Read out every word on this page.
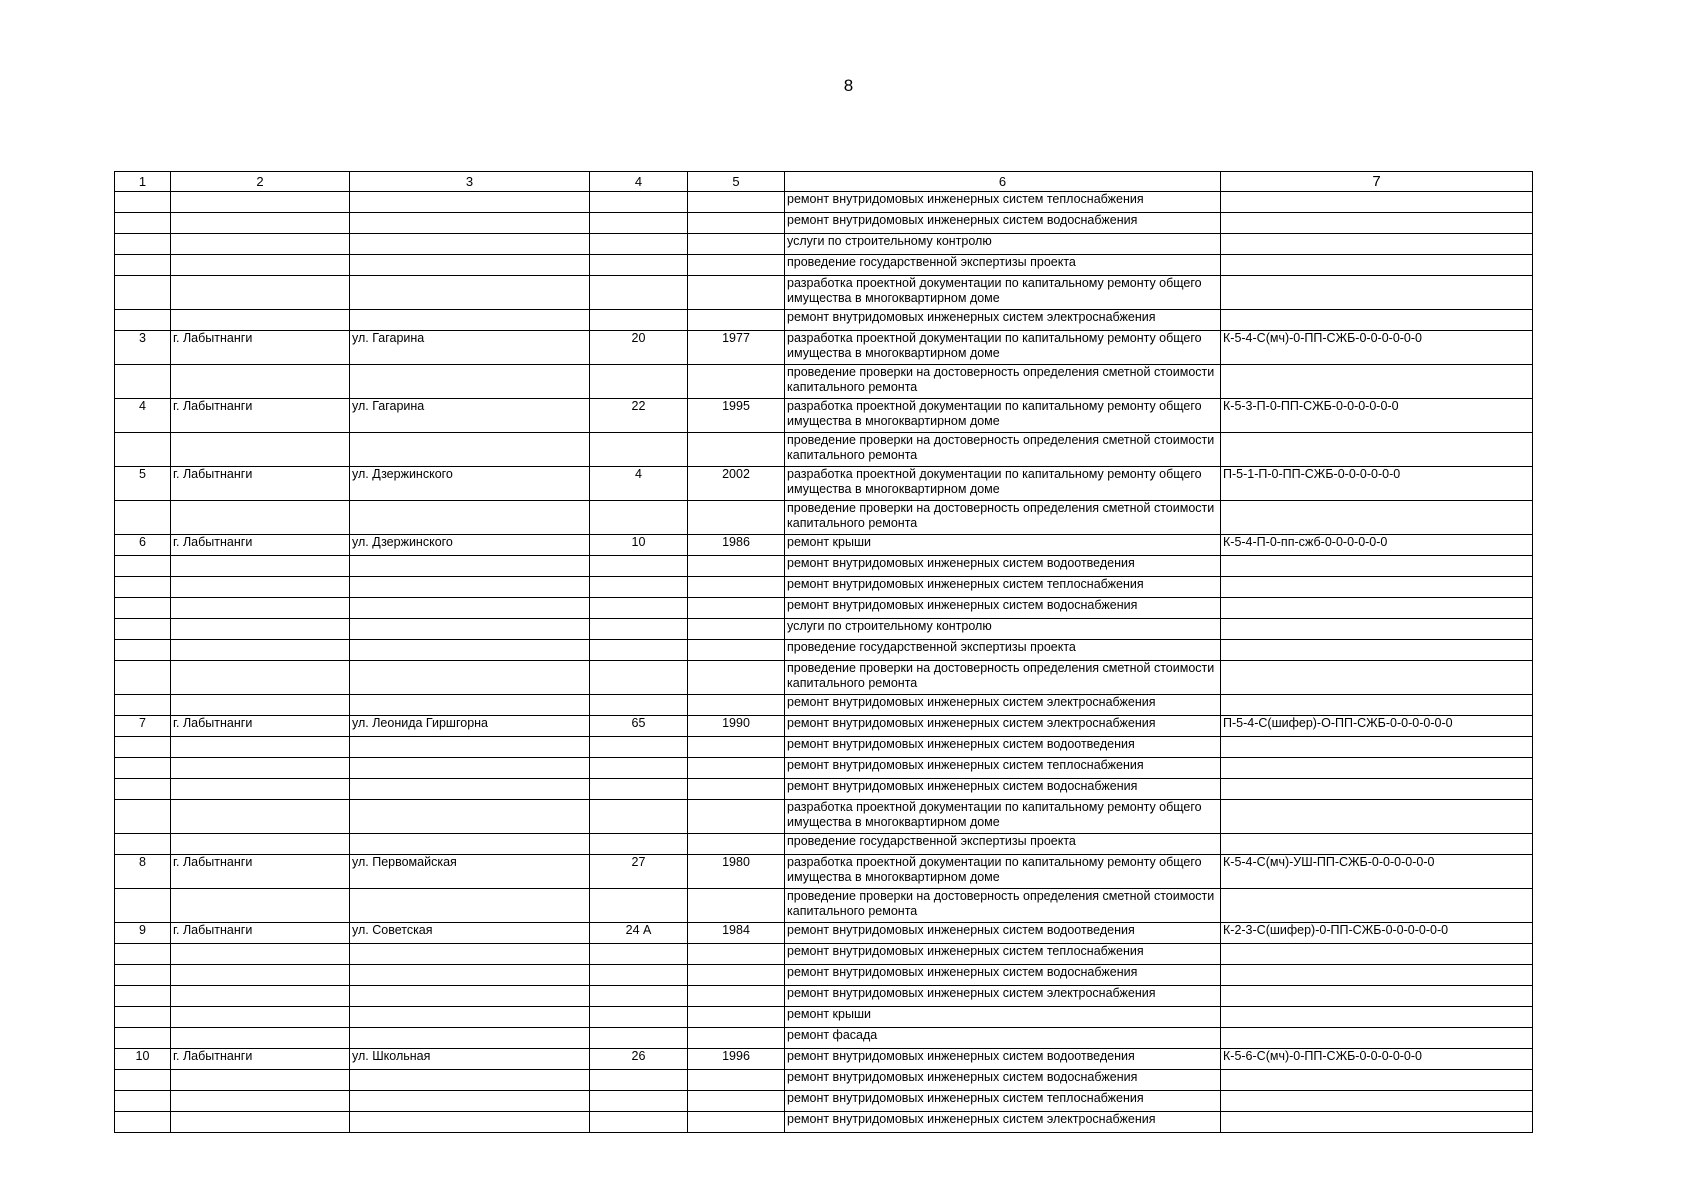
8
1	2	3	4	5	6	7
					ремонт внутридомовых инженерных систем теплоснабжения	
					ремонт внутридомовых инженерных систем водоснабжения	
					услуги по строительному контролю	
					проведение государственной экспертизы проекта	
					разработка проектной документации по капитальному ремонту общего имущества в многоквартирном доме	
					ремонт внутридомовых инженерных систем электроснабжения	
3	г. Лабытнанги	ул. Гагарина	20	1977	разработка проектной документации по капитальному ремонту общего имущества в многоквартирном доме	К-5-4-С(мч)-0-ПП-СЖБ-0-0-0-0-0-0
					проведение проверки на достоверность определения сметной стоимости капитального ремонта	
4	г. Лабытнанги	ул. Гагарина	22	1995	разработка проектной документации по капитальному ремонту общего имущества в многоквартирном доме	К-5-3-П-0-ПП-СЖБ-0-0-0-0-0-0
					проведение проверки на достоверность определения сметной стоимости капитального ремонта	
5	г. Лабытнанги	ул. Дзержинского	4	2002	разработка проектной документации по капитальному ремонту общего имущества в многоквартирном доме	П-5-1-П-0-ПП-СЖБ-0-0-0-0-0-0
					проведение проверки на достоверность определения сметной стоимости капитального ремонта	
6	г. Лабытнанги	ул. Дзержинского	10	1986	ремонт крыши	К-5-4-П-0-пп-сжб-0-0-0-0-0-0
					ремонт внутридомовых инженерных систем водоотведения	
					ремонт внутридомовых инженерных систем теплоснабжения	
					ремонт внутридомовых инженерных систем водоснабжения	
					услуги по строительному контролю	
					проведение государственной экспертизы проекта	
					проведение проверки на достоверность определения сметной стоимости капитального ремонта	
					ремонт внутридомовых инженерных систем электроснабжения	
7	г. Лабытнанги	ул. Леонида Гиршгорна	65	1990	ремонт внутридомовых инженерных систем электроснабжения	П-5-4-С(шифер)-О-ПП-СЖБ-0-0-0-0-0-0
					ремонт внутридомовых инженерных систем водоотведения	
					ремонт внутридомовых инженерных систем теплоснабжения	
					ремонт внутридомовых инженерных систем водоснабжения	
					разработка проектной документации по капитальному ремонту общего имущества в многоквартирном доме	
					проведение государственной экспертизы проекта	
8	г. Лабытнанги	ул. Первомайская	27	1980	разработка проектной документации по капитальному ремонту общего имущества в многоквартирном доме	К-5-4-С(мч)-УШ-ПП-СЖБ-0-0-0-0-0-0
					проведение проверки на достоверность определения сметной стоимости капитального ремонта	
9	г. Лабытнанги	ул. Советская	24 А	1984	ремонт внутридомовых инженерных систем водоотведения	К-2-3-С(шифер)-0-ПП-СЖБ-0-0-0-0-0-0
					ремонт внутридомовых инженерных систем теплоснабжения	
					ремонт внутридомовых инженерных систем водоснабжения	
					ремонт внутридомовых инженерных систем электроснабжения	
					ремонт крыши	
					ремонт фасада	
10	г. Лабытнанги	ул. Школьная	26	1996	ремонт внутридомовых инженерных систем водоотведения	К-5-6-С(мч)-0-ПП-СЖБ-0-0-0-0-0-0
					ремонт внутридомовых инженерных систем водоснабжения	
					ремонт внутридомовых инженерных систем теплоснабжения	
					ремонт внутридомовых инженерных систем электроснабжения	
